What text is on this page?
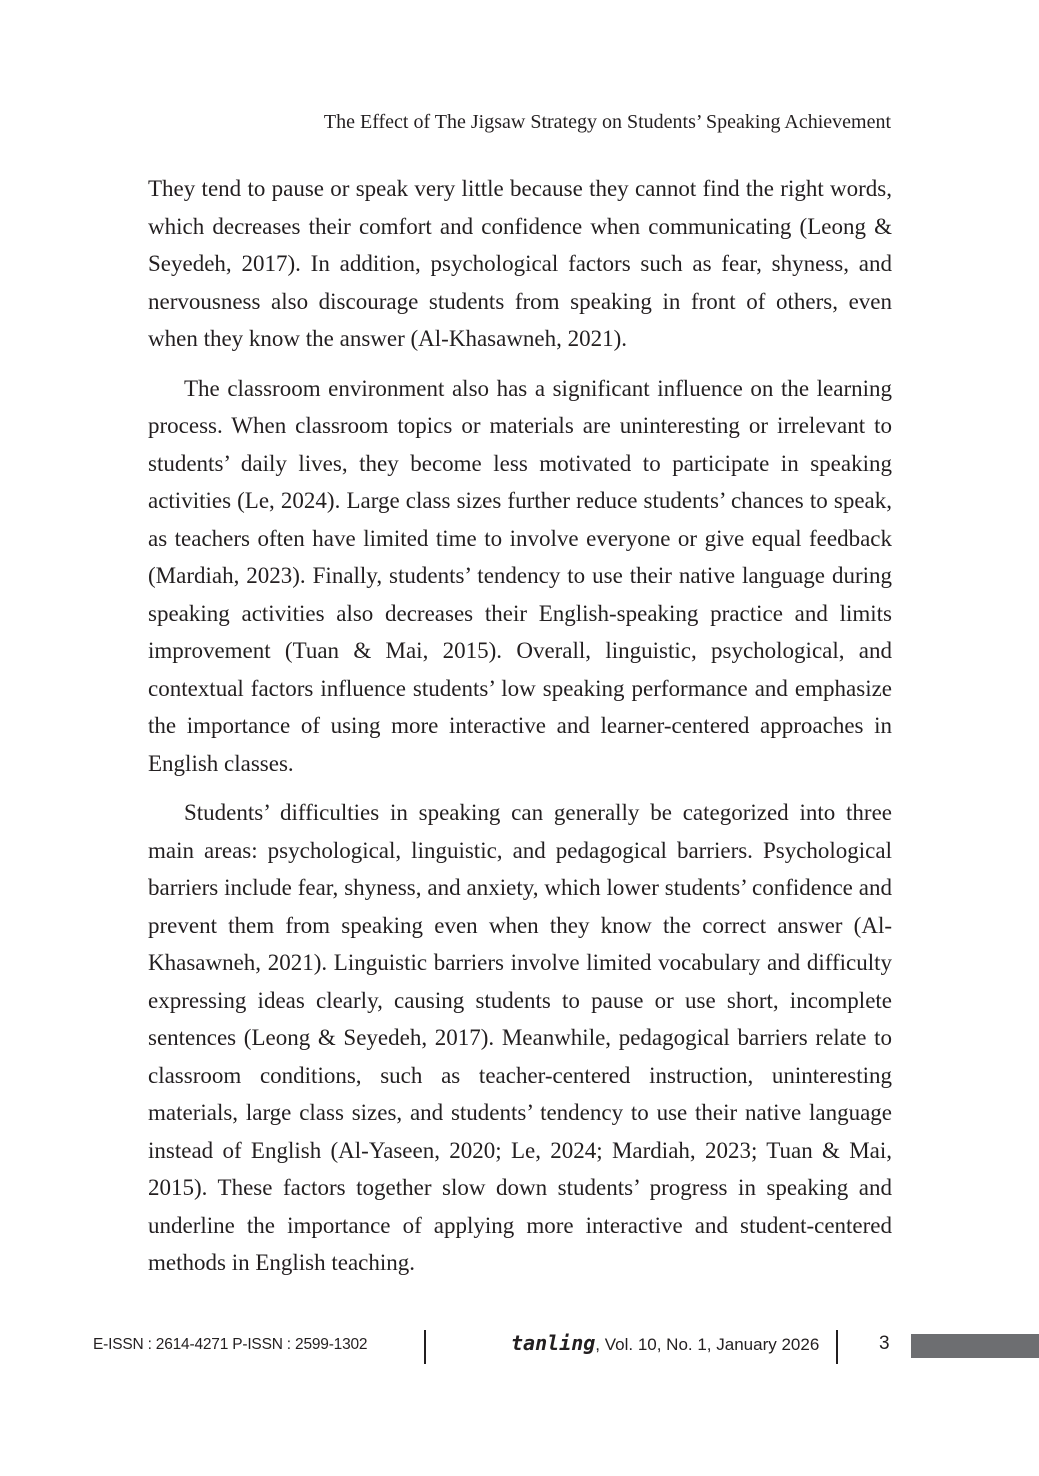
The Effect of The Jigsaw Strategy on Students’ Speaking Achievement

They tend to pause or speak very little because they cannot find the right words, which decreases their comfort and confidence when communicating (Leong & Seyedeh, 2017). In addition, psychological factors such as fear, shyness, and nervousness also discourage students from speaking in front of others, even when they know the answer (Al-Khasawneh, 2021).

The classroom environment also has a significant influence on the learning process. When classroom topics or materials are uninteresting or irrelevant to students’ daily lives, they become less motivated to participate in speaking activities (Le, 2024). Large class sizes further reduce students’ chances to speak, as teachers often have limited time to involve everyone or give equal feedback (Mardiah, 2023). Finally, students’ tendency to use their native language during speaking activities also decreases their English-speaking practice and limits improvement (Tuan & Mai, 2015). Overall, linguistic, psychological, and contextual factors influence students’ low speaking performance and emphasize the importance of using more interactive and learner-centered approaches in English classes.

Students’ difficulties in speaking can generally be categorized into three main areas: psychological, linguistic, and pedagogical barriers. Psychological barriers include fear, shyness, and anxiety, which lower students’ confidence and prevent them from speaking even when they know the correct answer (Al-Khasawneh, 2021). Linguistic barriers involve limited vocabulary and difficulty expressing ideas clearly, causing students to pause or use short, incomplete sentences (Leong & Seyedeh, 2017). Meanwhile, pedagogical barriers relate to classroom conditions, such as teacher-centered instruction, uninteresting materials, large class sizes, and students’ tendency to use their native language instead of English (Al-Yaseen, 2020; Le, 2024; Mardiah, 2023; Tuan & Mai, 2015). These factors together slow down students’ progress in speaking and underline the importance of applying more interactive and student-centered methods in English teaching.

E-ISSN : 2614-4271 P-ISSN : 2599-1302	tanling, Vol. 10, No. 1, January 2026	3
